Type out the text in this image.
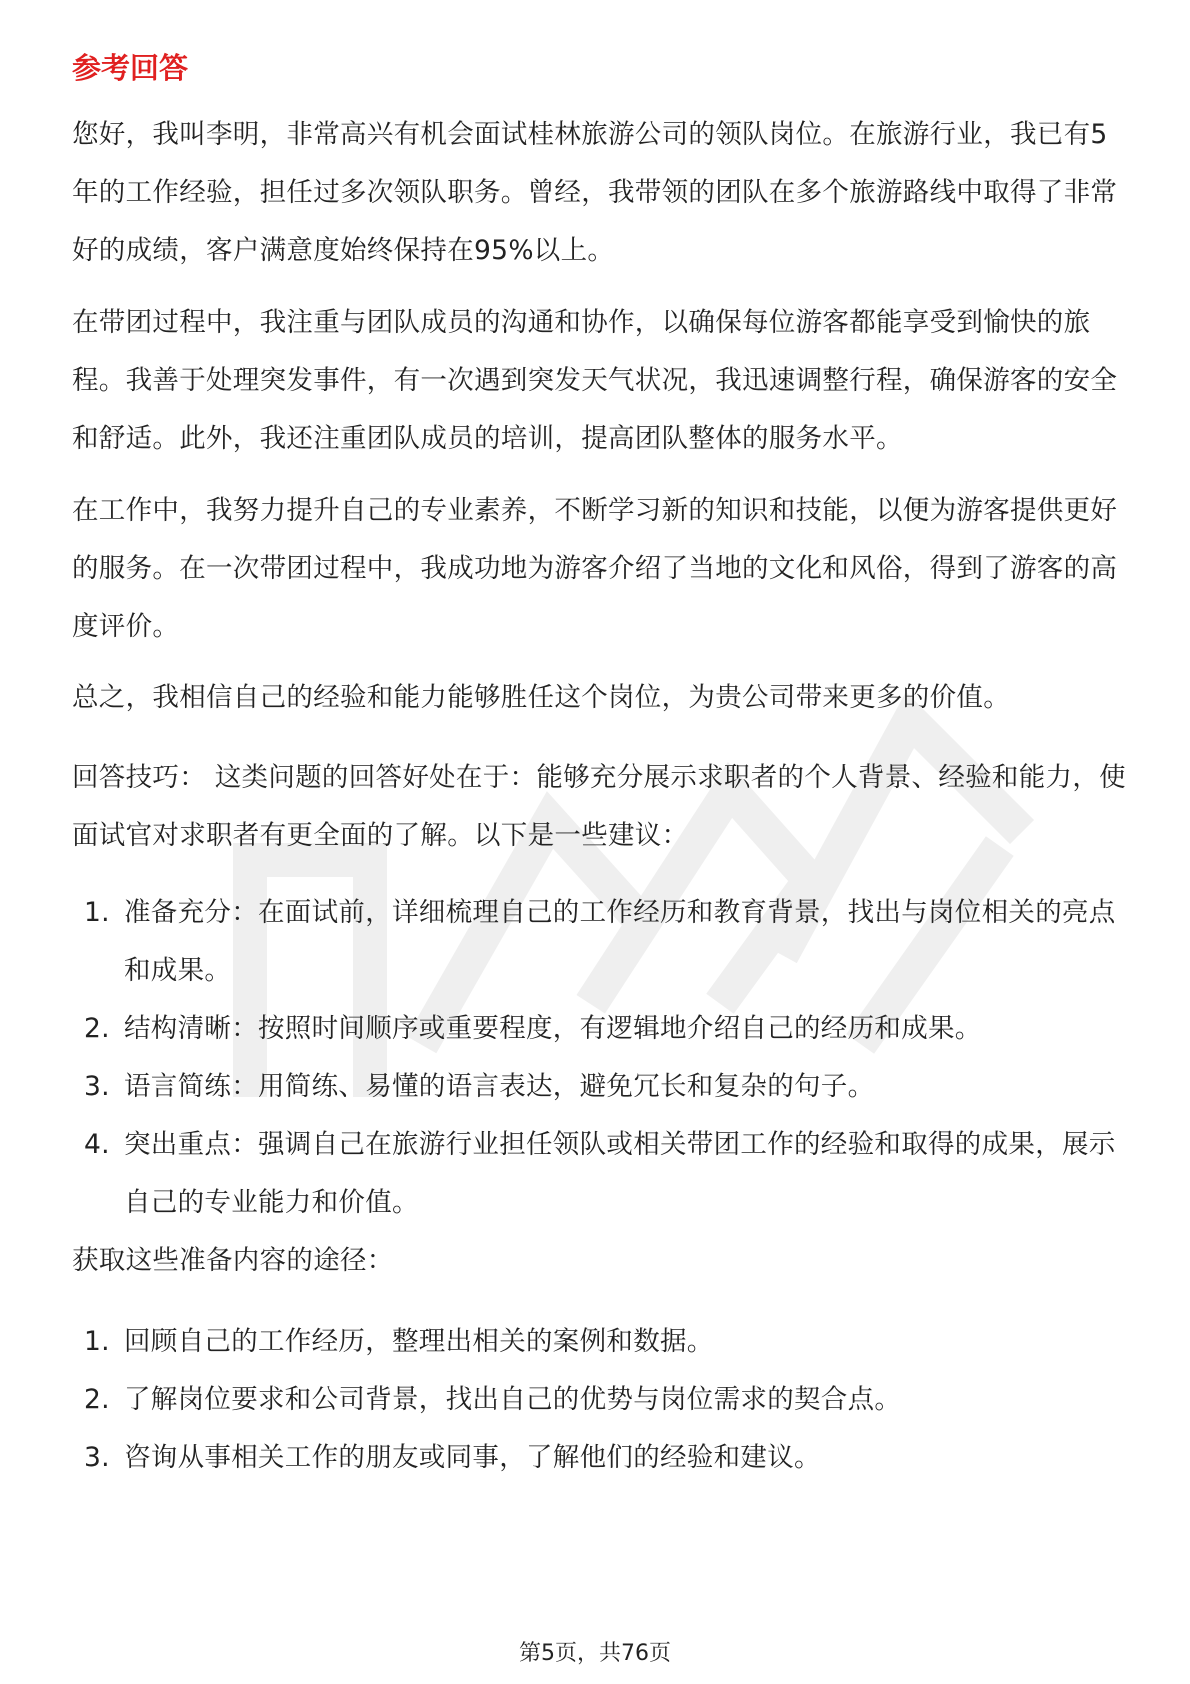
参考回答

您好，我叫李明，非常高兴有机会面试桂林旅游公司的领队岗位。在旅游行业，我已有5年的工作经验，担任过多次领队职务。曾经，我带领的团队在多个旅游路线中取得了非常好的成绩，客户满意度始终保持在95%以上。

在带团过程中，我注重与团队成员的沟通和协作，以确保每位游客都能享受到愉快的旅程。我善于处理突发事件，有一次遇到突发天气状况，我迅速调整行程，确保游客的安全和舒适。此外，我还注重团队成员的培训，提高团队整体的服务水平。

在工作中，我努力提升自己的专业素养，不断学习新的知识和技能，以便为游客提供更好的服务。在一次带团过程中，我成功地为游客介绍了当地的文化和风俗，得到了游客的高度评价。

总之，我相信自己的经验和能力能够胜任这个岗位，为贵公司带来更多的价值。

回答技巧： 这类问题的回答好处在于：能够充分展示求职者的个人背景、经验和能力，使面试官对求职者有更全面的了解。以下是一些建议：

1. 准备充分：在面试前，详细梳理自己的工作经历和教育背景，找出与岗位相关的亮点和成果。
2. 结构清晰：按照时间顺序或重要程度，有逻辑地介绍自己的经历和成果。
3. 语言简练：用简练、易懂的语言表达，避免冗长和复杂的句子。
4. 突出重点：强调自己在旅游行业担任领队或相关带团工作的经验和取得的成果，展示自己的专业能力和价值。

获取这些准备内容的途径：

1. 回顾自己的工作经历，整理出相关的案例和数据。
2. 了解岗位要求和公司背景，找出自己的优势与岗位需求的契合点。
3. 咨询从事相关工作的朋友或同事，了解他们的经验和建议。
第5页，共76页
